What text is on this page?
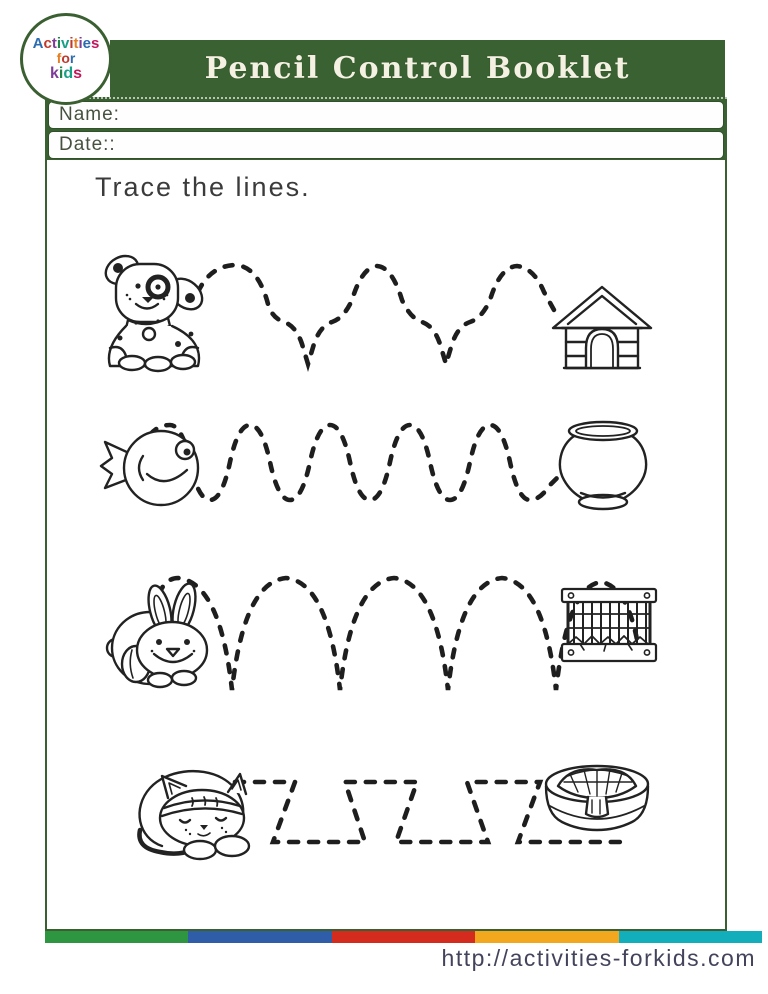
Activities
for
kids	Pencil Control Booklet
Name:
Date::
Trace the lines.
http://activities-forkids.com
